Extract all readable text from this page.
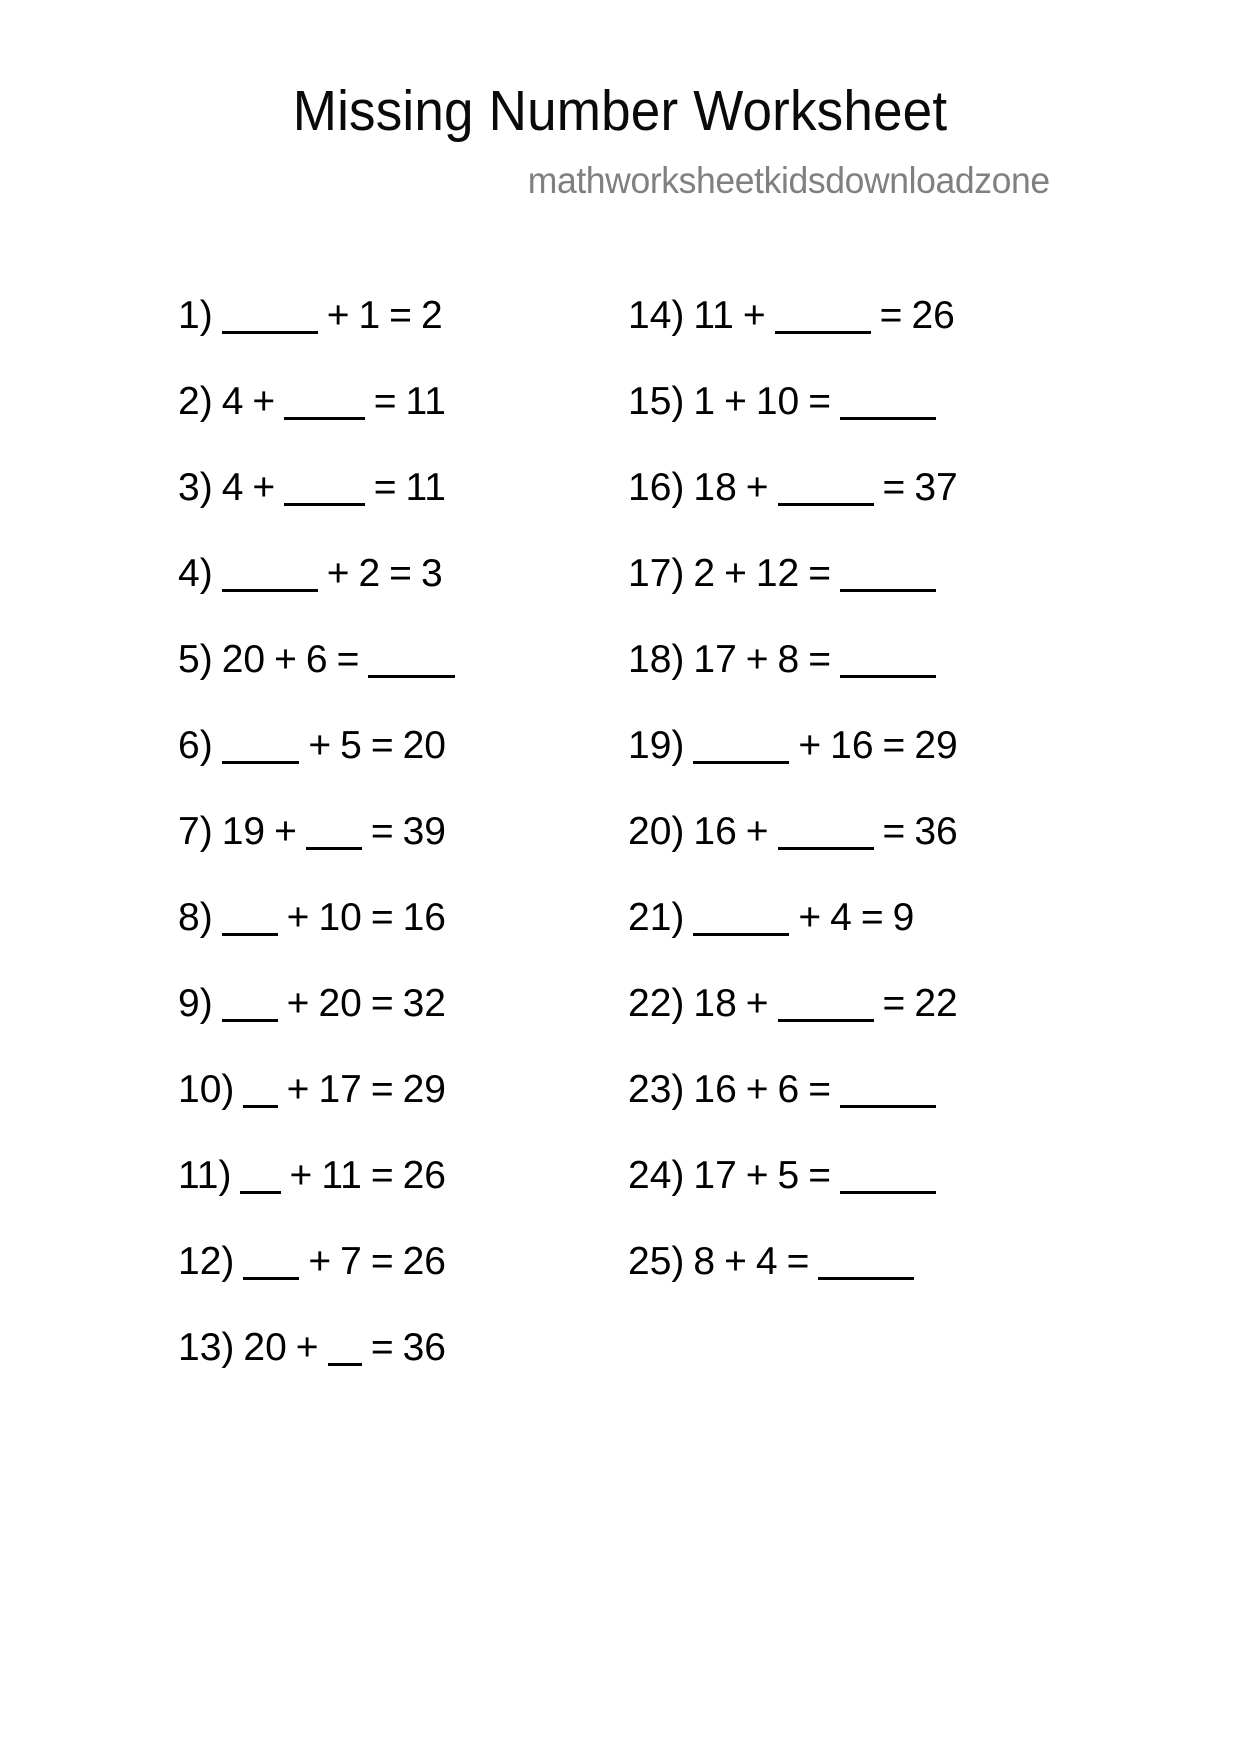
Missing Number Worksheet
mathworksheetkidsdownloadzone
1)	+ 1 = 2
2) 4 +	= 11
3) 4 +	= 11
4)	+ 2 = 3
5) 20 + 6 =
6) + 5 = 20
7) 19 + = 39
8) + 10 = 16
9) + 20 = 32
10) + 17 = 29
11) + 11 = 26
12) + 7 = 26
13) 20 + = 36
14) 11 +	= 26
15) 1 + 10 =
16) 18 +	= 37
17) 2 + 12 =
18) 17 + 8 =
19)	+ 16 = 29
20) 16 +	= 36
21)	+ 4 = 9
22) 18 +	= 22
23) 16 + 6 =
24) 17 + 5 =
25) 8 + 4 =
